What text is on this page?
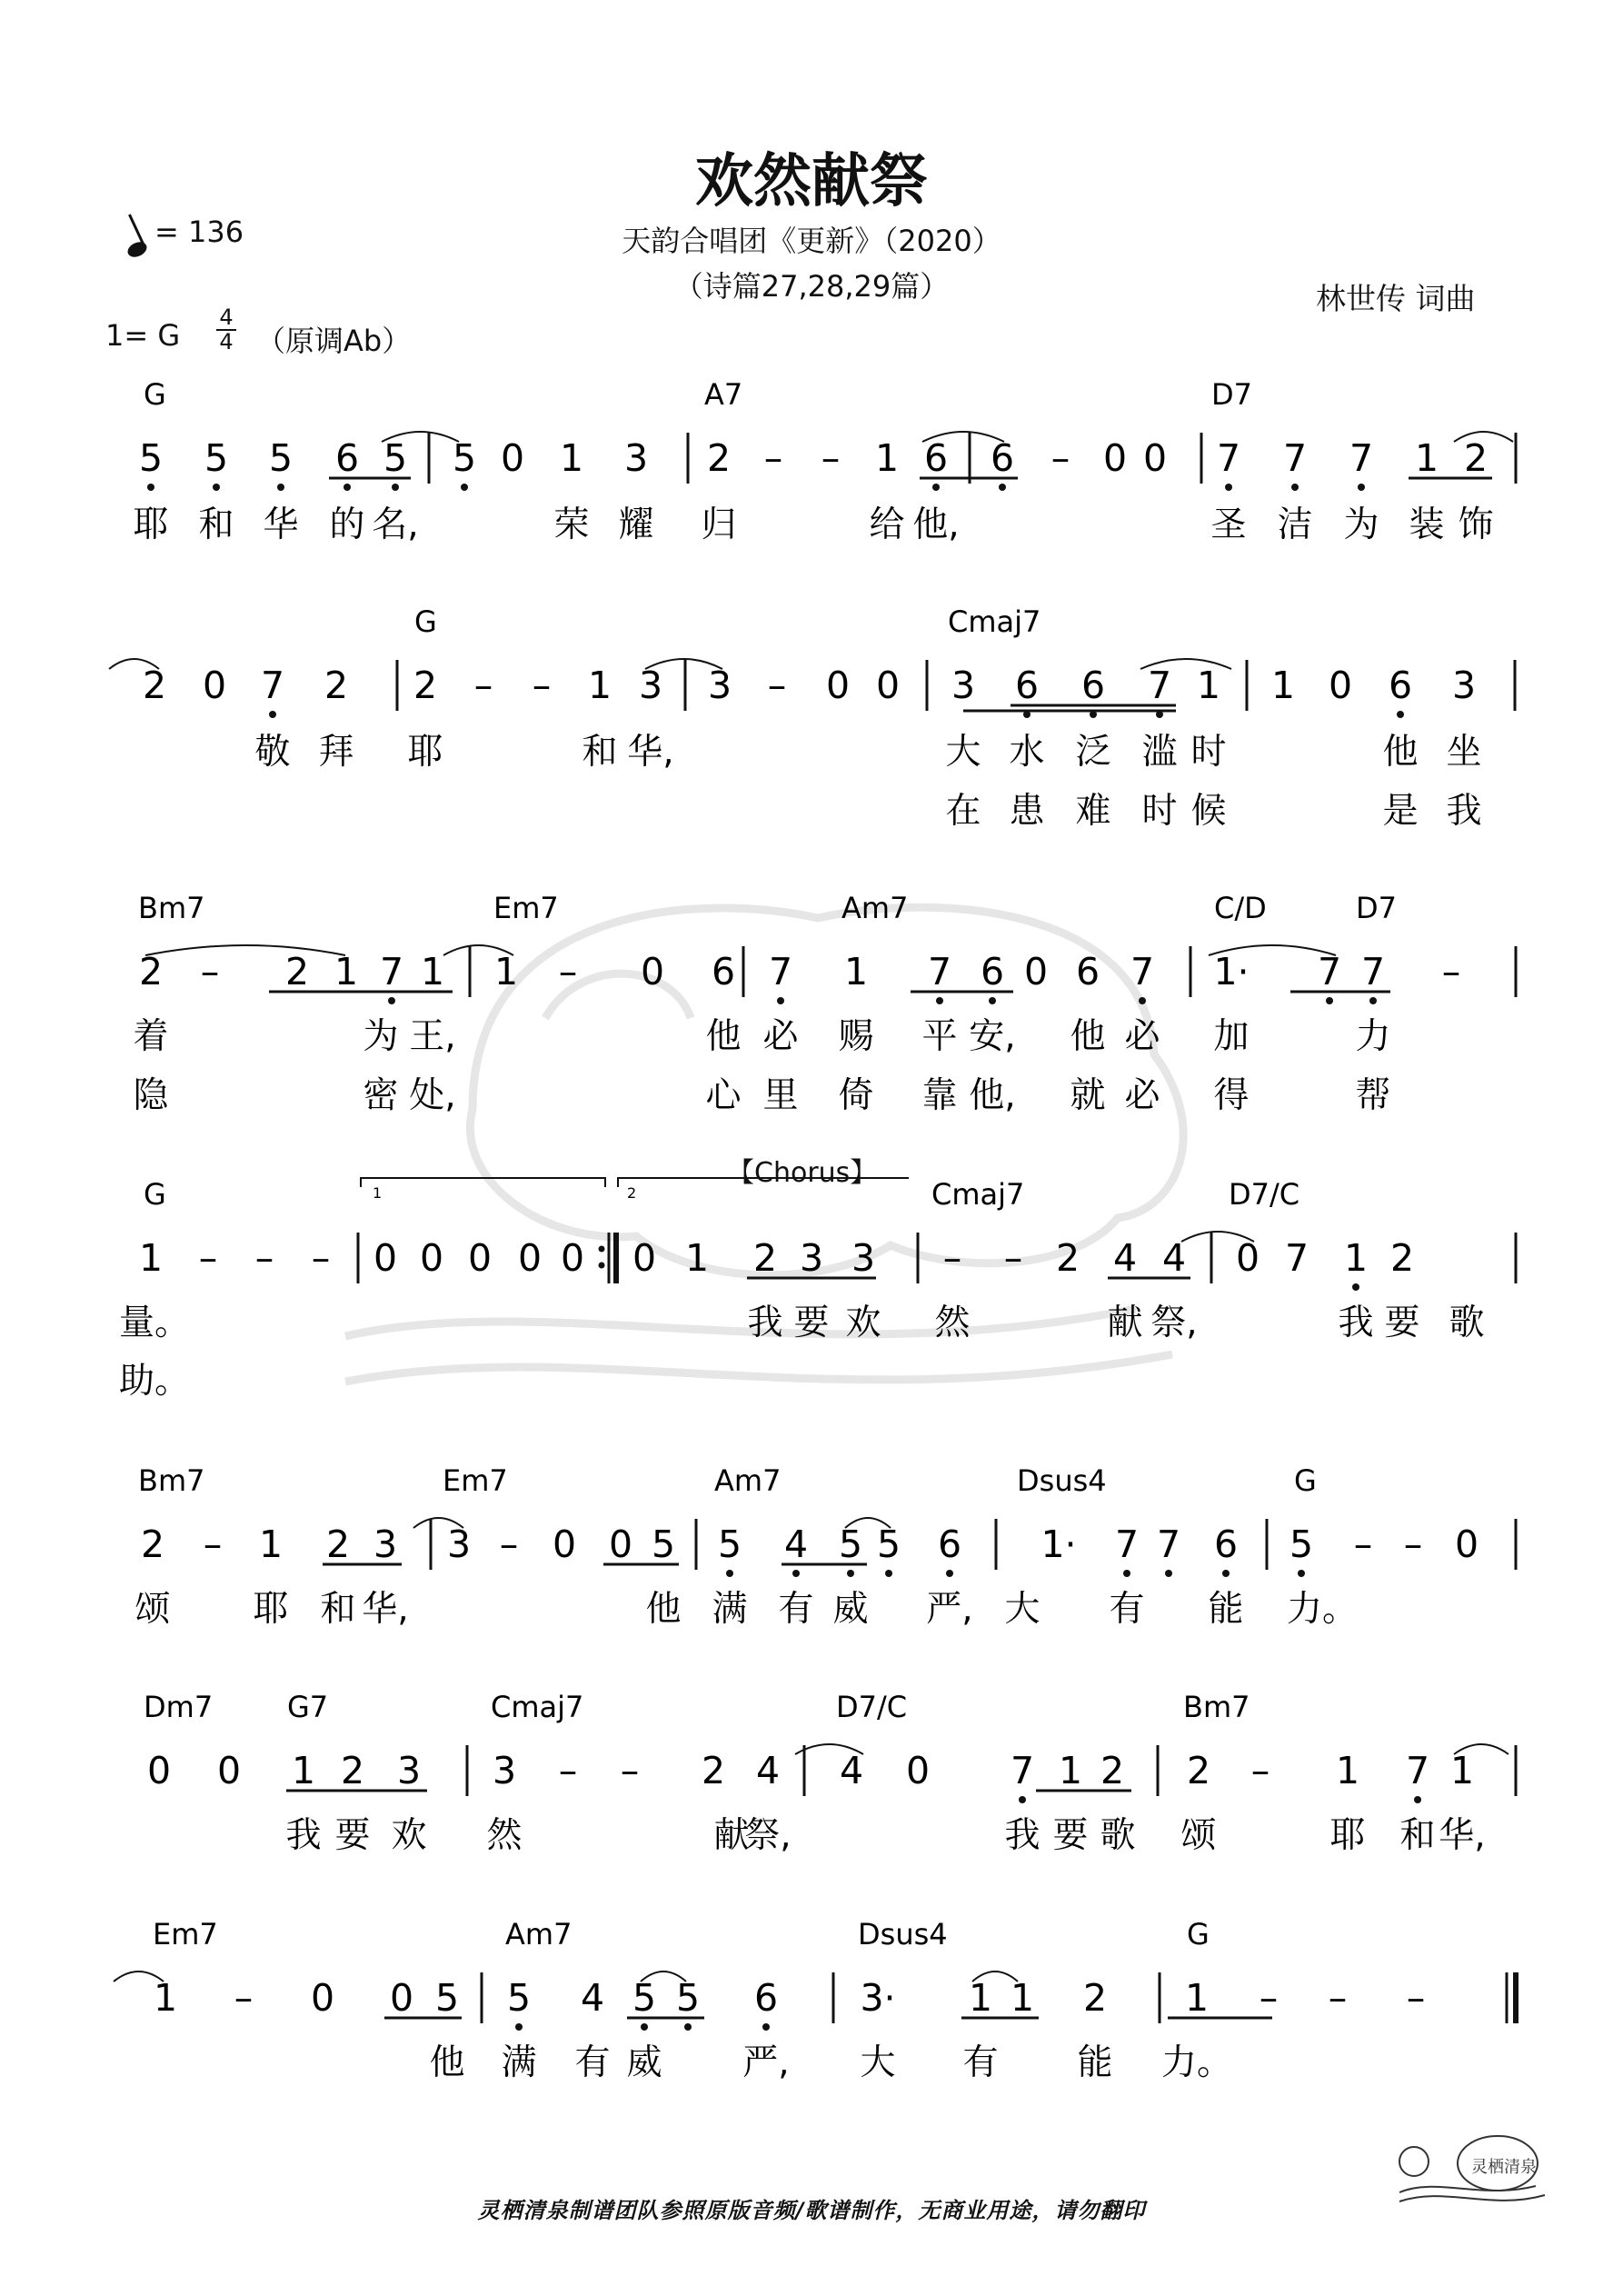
欢然献祭
= 136	天韵合唱团《更新》（2020）
（诗篇27,28,29篇）	林世传 词曲
1= G
4
4 （原调Ab）
【Chorus】
1	2
5 5 5 6 5 5 0 1 3 2 – – 1 6 6 – 0 0 7 7 7 1 2
2 0 7 2 2 – – 1 3 3 – 0 0 3 6 6 7 1 1 0 6 3
2 – 2 1 7 1 1 – 0 6 7 1 7 6 0 6 7 1· 7 7 –
1 – – – 0 0 0 0 0 0 1 2 3 3 – – 2 4 4 0 7 1 2
2 – 1 2 3 3 – 0 0 5 5 4 5 5 6 1· 7 7 6 5 – – 0
0 0 1 2 3 3 – – 2 4 4 0 7 1 2 2 – 1 7 1
1 – 0 0 5 5 4 5 5 6 3· 1 1 2 1 – – –
G	A7	D7
G	Cmaj7
Bm7	Em7	Am7	C/D	D7
G	Cmaj7	D7/C
Bm7	Em7	Am7	Dsus4	G
Dm7	G7	Cmaj7	D7/C	Bm7
Em7	Am7	Dsus4	G
耶 和 华 的 名,	荣 耀 归	给 他,	圣 洁 为 装 饰
敬 拜 耶	和 华,	大 水 泛 滥 时	他 坐
在 患 难 时 候	是 我
着	为 王,	他 必 赐 平 安, 他 必 加	力
隐	密 处,	心 里 倚 靠 他, 就 必 得	帮
量。	我 要 欢 然	献 祭,	我 要 歌
助。
颂 耶 和 华,	他 满 有 威 严, 大 有 能 力。
我 要 欢 然	献
祭,	我 要 歌 颂	耶 和 华,
他 满 有 威 严, 大 有 能 力。
灵栖清泉
灵栖清泉制谱团队参照原版音频/歌谱制作，无商业用途，请勿翻印
